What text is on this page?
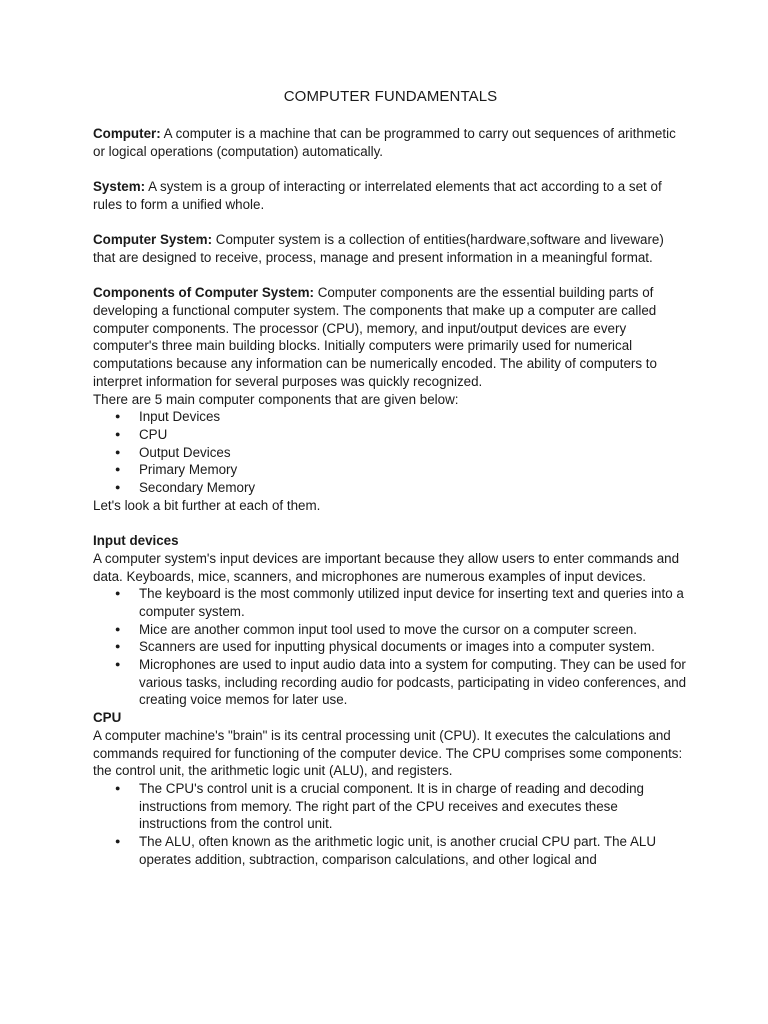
COMPUTER FUNDAMENTALS

Computer: A computer is a machine that can be programmed to carry out sequences of arithmetic or logical operations (computation) automatically.

System: A system is a group of interacting or interrelated elements that act according to a set of rules to form a unified whole.

Computer System: Computer system is a collection of entities(hardware,software and liveware) that are designed to receive, process, manage and present information in a meaningful format.

Components of Computer System: Computer components are the essential building parts of developing a functional computer system. The components that make up a computer are called computer components. The processor (CPU), memory, and input/output devices are every computer's three main building blocks. Initially computers were primarily used for numerical computations because any information can be numerically encoded. The ability of computers to interpret information for several purposes was quickly recognized.

There are 5 main computer components that are given below:

● Input Devices
● CPU
● Output Devices
● Primary Memory
● Secondary Memory

Let's look a bit further at each of them.

Input devices

A computer system's input devices are important because they allow users to enter commands and data. Keyboards, mice, scanners, and microphones are numerous examples of input devices.

● The keyboard is the most commonly utilized input device for inserting text and queries into a computer system.
● Mice are another common input tool used to move the cursor on a computer screen.
● Scanners are used for inputting physical documents or images into a computer system.
● Microphones are used to input audio data into a system for computing. They can be used for various tasks, including recording audio for podcasts, participating in video conferences, and creating voice memos for later use.

CPU

A computer machine's "brain" is its central processing unit (CPU). It executes the calculations and commands required for functioning of the computer device. The CPU comprises some components: the control unit, the arithmetic logic unit (ALU), and registers.

● The CPU's control unit is a crucial component. It is in charge of reading and decoding instructions from memory. The right part of the CPU receives and executes these instructions from the control unit.
● The ALU, often known as the arithmetic logic unit, is another crucial CPU part. The ALU operates addition, subtraction, comparison calculations, and other logical and
